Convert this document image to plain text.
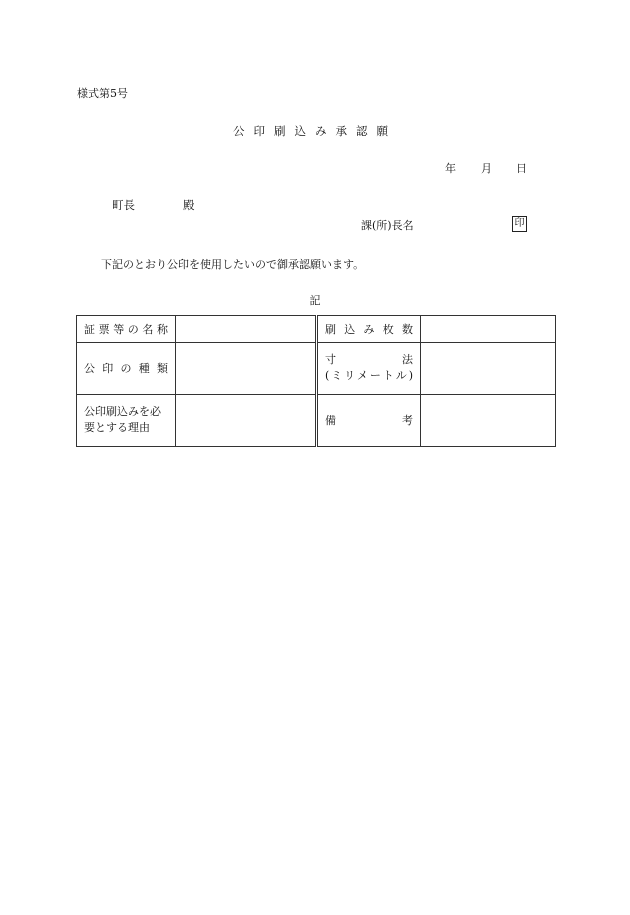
様式第5号
公印刷込み承認願
年 月 日
町長	殿
課(所)長名	印
下記のとおり公印を使用したいので御承認願います。
記
証票等の名称		刷込み枚数	

公印の種類		寸法
(ミリメートル)	

公印刷込みを必
要とする理由		備考	
